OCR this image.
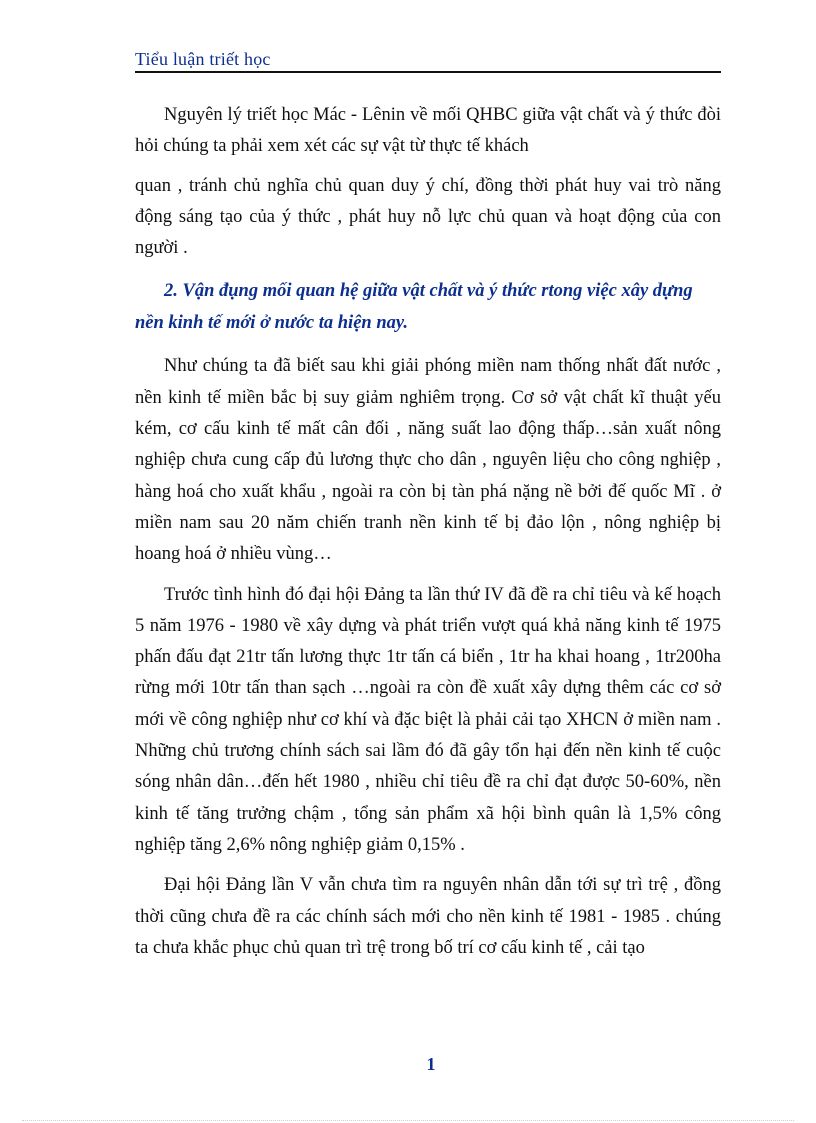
Tiểu luận triết học

Nguyên lý triết học Mác - Lênin về mối QHBC giữa vật chất và ý thức đòi hỏi chúng ta phải xem xét các sự vật từ thực tế khách

quan , tránh chủ nghĩa chủ quan duy ý chí, đồng thời phát huy vai trò năng động sáng tạo của ý thức , phát huy nỗ lực chủ quan và hoạt động của con người .

2. Vận đụng mối quan hệ giữa vật chất và ý thức rtong việc xây dựng nền kinh tế mới ở nước ta hiện nay.

Như chúng ta đã biết sau khi giải phóng miền nam thống nhất đất nước , nền kinh tế miền bắc bị suy giảm nghiêm trọng. Cơ sở vật chất kĩ thuật yếu kém, cơ cấu kinh tế mất cân đối , năng suất lao động thấp…sản xuất nông nghiệp chưa cung cấp đủ lương thực cho dân , nguyên liệu cho công nghiệp , hàng hoá cho xuất khẩu , ngoài ra còn bị tàn phá nặng nề bởi đế quốc Mĩ . ở miền nam sau 20 năm chiến tranh nền kinh tế bị đảo lộn , nông nghiệp bị hoang hoá ở nhiều vùng…

Trước tình hình đó đại hội Đảng ta lần thứ IV đã đề ra chỉ tiêu và kế hoạch 5 năm 1976 - 1980 về xây dựng và phát triển vượt quá khả năng kinh tế 1975 phấn đấu đạt 21tr tấn lương thực 1tr tấn cá biển , 1tr ha khai hoang , 1tr200ha rừng mới 10tr tấn than sạch …ngoài ra còn đề xuất xây dựng thêm các cơ sở mới về công nghiệp như cơ khí và đặc biệt là phải cải tạo XHCN ở miền nam . Những chủ trương chính sách sai lầm đó đã gây tổn hại đến nền kinh tế cuộc sóng nhân dân…đến hết 1980 , nhiều chỉ tiêu đề ra chỉ đạt được 50-60%, nền kinh tế tăng trưởng chậm , tổng sản phẩm xã hội bình quân là 1,5% công nghiệp tăng 2,6% nông nghiệp giảm 0,15% .

Đại hội Đảng lần V vẫn chưa tìm ra nguyên nhân dẫn tới sự trì trệ , đồng thời cũng chưa đề ra các chính sách mới cho nền kinh tế 1981 - 1985 . chúng ta chưa khắc phục chủ quan trì trệ trong bố trí cơ cấu kinh tế , cải tạo

1
